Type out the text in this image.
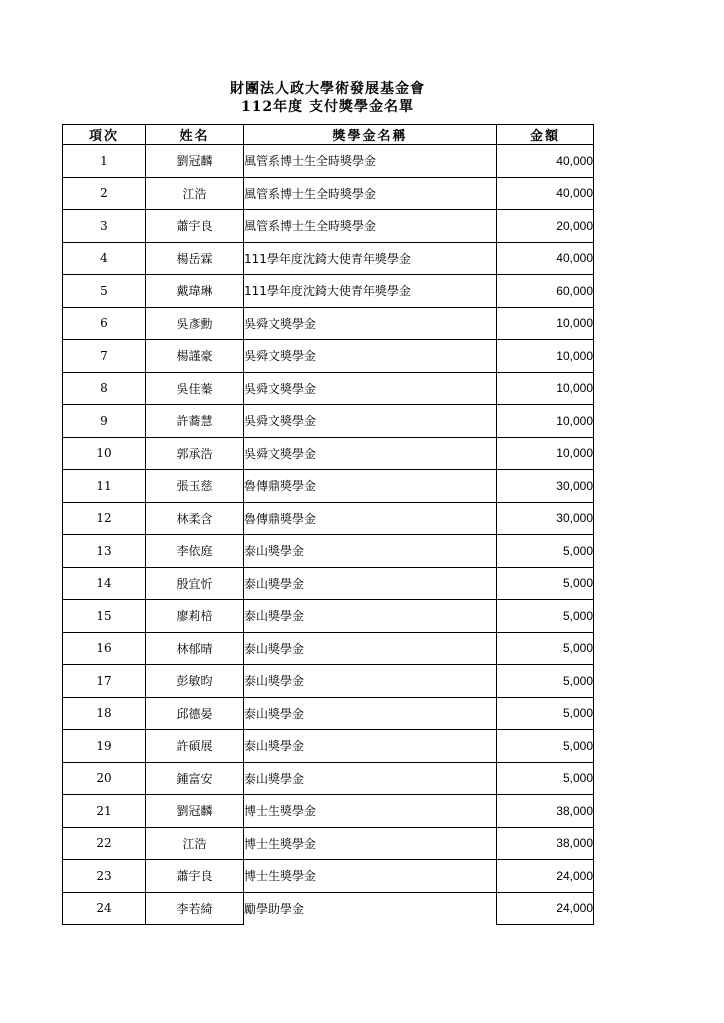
財團法人政大學術發展基金會
112年度 支付獎學金名單
項次	姓名	獎學金名稱	金額
1	劉冠麟	風管系博士生全時獎學金	40,000
2	江浩	風管系博士生全時獎學金	40,000
3	蕭宇良	風管系博士生全時獎學金	20,000
4	楊岳霖	111學年度沈錡大使青年獎學金	40,000
5	戴瑋琳	111學年度沈錡大使青年獎學金	60,000
6	吳彥勳	吳舜文獎學金	10,000
7	楊謹豪	吳舜文獎學金	10,000
8	吳佳蓁	吳舜文獎學金	10,000
9	許蕎慧	吳舜文獎學金	10,000
10	郭承浩	吳舜文獎學金	10,000
11	張玉慈	魯傳鼎獎學金	30,000
12	林柔含	魯傳鼎獎學金	30,000
13	李依庭	泰山獎學金	5,000
14	殷宜忻	泰山獎學金	5,000
15	廖莉棓	泰山獎學金	5,000
16	林郁晴	泰山獎學金	5,000
17	彭敏昀	泰山獎學金	5,000
18	邱德晏	泰山獎學金	5,000
19	許碩展	泰山獎學金	5,000
20	鍾富安	泰山獎學金	5,000
21	劉冠麟	博士生獎學金	38,000
22	江浩	博士生獎學金	38,000
23	蕭宇良	博士生獎學金	24,000
24	李若綺	勵學助學金	24,000
